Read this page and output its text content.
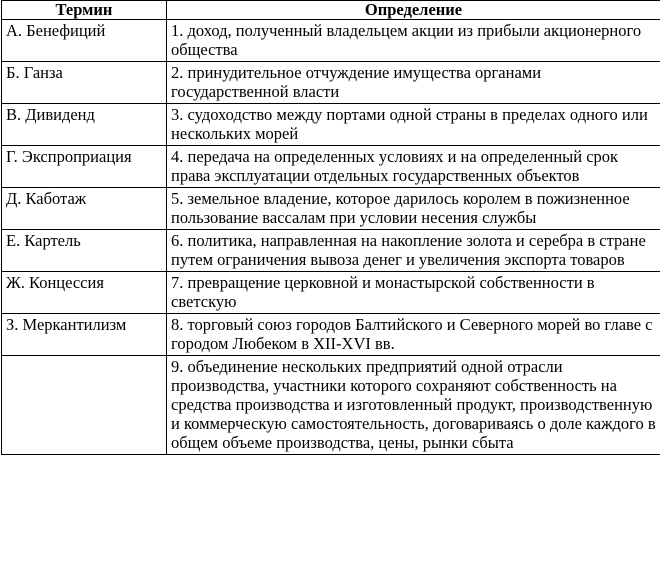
Термин	Определение
А. Бенефиций	1. доход, полученный владельцем акции из прибыли акционерного общества
Б. Ганза	2. принудительное отчуждение имущества органами государственной власти
В. Дивиденд	3. судоходство между портами одной страны в пределах одного или нескольких морей
Г. Экспроприация	4. передача на определенных условиях и на определенный срок права эксплуатации отдельных государственных объектов
Д. Каботаж	5. земельное владение, которое дарилось королем в пожизненное пользование вассалам при условии несения службы
Е. Картель	6. политика, направленная на накопление золота и серебра в стране путем ограничения вывоза денег и увеличения экспорта товаров
Ж. Концессия	7. превращение церковной и монастырской собственности в светскую
З. Меркантилизм	8. торговый союз городов Балтийского и Северного морей во главе с городом Любеком в XII-XVI вв.
	9. объединение нескольких предприятий одной отрасли производства, участники которого сохраняют собственность на средства производства и изготовленный продукт, производственную и коммерческую самостоятельность, договариваясь о доле каждого в общем объеме производства, цены, рынки сбыта
